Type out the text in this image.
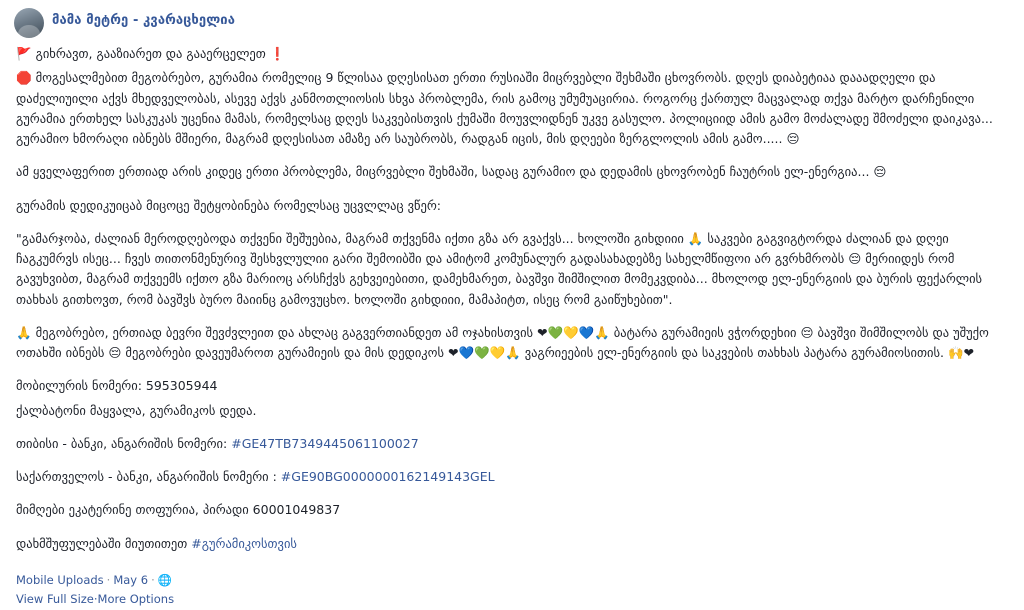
მამა მეტრე - კვარაცხელია
🚩 გიხრავთ, გააზიარეთ და გააერცელეთ ❗

🛑 მოგესალმებით მეგობრებო, გურამია რომელიც 9 წლისაა დღესისათ ერთი რუსიაში მიცრვებლი შეხმაში ცხოვრობს. დღეს დიაბეტიაა დააადღელი და დაძელიუილი აქვს მხედველობას, ასევე აქვს კანმოთლიოსის სხვა პრობლემა, რის გამოც უმუმუაცირია. როგორც ქართულ მაცვალად თქვა მარტო დარჩენილი გურამია ერთხელ სასკუკას უცენია მამას, რომელსაც დღეს საკვებისთვის ქუმაში მოუვლიდნენ უკვე გასულო. პოლიციიდ ამის გამო მოძალადე შმოძელი დაიკავა... გურამიო ხმორაღი იბნებს მშიერი, მაგრამ დღესისათ ამაზე არ საუბრობს, რადგან იცის, მის დღეები ზერგლოლის ამის გამო..... 😔

ამ ყველაფერით ერთიად არის კიდეც ერთი პრობლემა, მიცრვებლი შეხმაში, სადაც გურამიო და დედამის ცხოვრობენ ჩაუტრის ელ-ენერგია... 😔

გურამის დედიკუიცაბ მიცოცე შეტყობინება რომელსაც უცვლლაც ვწერ:

"გამარჯობა, ძალიან მეროდღებოდა თქვენი შეშუებია, მაგრამ თქვენმა იქთი გზა არ გვაქვს... ხოლოში გიხდიიი 🙏 საკვები გაგვიგტორდა ძალიან და დღეი ჩაგკუმრვს ისეც... ჩვეს თითონმენურივ შესხვლულიი გარი შემოიბში და ამიტომ კომუნალურ გადასახადებზე სახელმწიფოი არ გვრხმრობს 😔 მერიიდეს რომ გავუხვიბთ, მაგრამ თქვეემს იქთო გზა მარიოც არსჩქვს გეხვეიებითი, დამეხმარეთ, ბავშვი შიმშილით მომეკვდიბა... მხოლოდ ელ-ენერგიის და ბურის ფექარლის თახხას გითხოვთ, რომ ბავშვს ბურო მაიინც გამოვუცხო. ხოლოში გიხდიიი, მამაპიტთ, ისეც რომ გაიწუხებით".

🙏 მეგობრებო, ერთიად ბევრი შევძვლეით და ახლაც გაგვერთიანდეთ ამ ოჯახისთვის ❤💚💛💙🙏 ბატარა გურამიეის ვჭორდეხიი 😔 ბავშვი შიმშილობს და უშუქო ოთახში იბნებს 😔 მეგობრები დავეუმაროთ გურამიეის და მის დედიკოს ❤💙💚💛🙏 ვაგრიეების ელ-ენერგიის და საკვების თახხას პატარა გურამიოსითის. 🙌❤

მობილურის ნომერი: 595305944

ქალბატონი მაყვალა, გურამიკოს დედა.

თიბისი - ბანკი, ანგარიშის ნომერი: #GE47TB7349445061100027

საქართველოს - ბანკი, ანგარიშის ნომერი : #GE90BG0000000162149143GEL

მიმღები ეკატერინე თოფურია, პირადი 60001049837

დახმშუფულებაში მიუთითეთ #გურამიკოსთვის

Mobile Uploads · May 6 · 🌐
View Full Size·More Options
